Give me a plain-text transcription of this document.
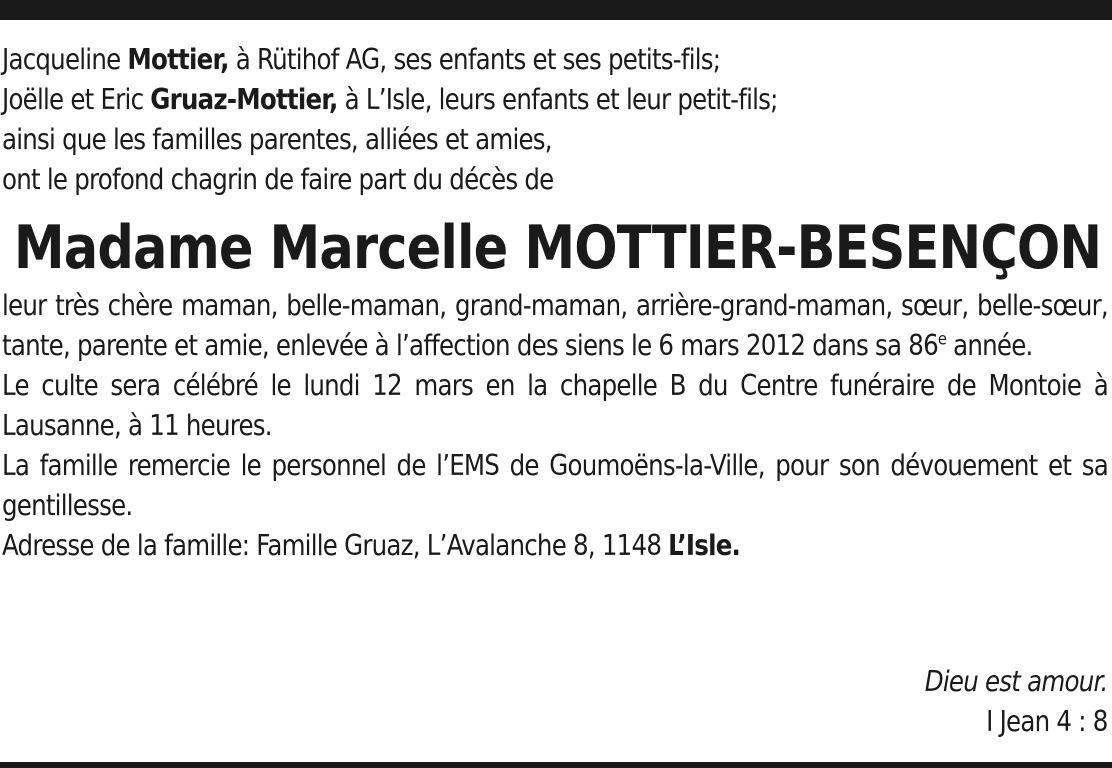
Jacqueline Mottier, à Rütihof AG, ses enfants et ses petits-fils;
Joëlle et Eric Gruaz-Mottier, à L’Isle, leurs enfants et leur petit-fils;
ainsi que les familles parentes, alliées et amies,
ont le profond chagrin de faire part du décès de
Madame Marcelle MOTTIER-BESENÇON

leur très chère maman, belle-maman, grand-maman, arrière-grand-maman, sœur, belle-sœur, tante, parente et amie, enlevée à l’affection des siens le 6 mars 2012 dans sa 86e année.

Le culte sera célébré le lundi 12 mars en la chapelle B du Centre funéraire de Montoie à Lausanne, à 11 heures.

La famille remercie le personnel de l’EMS de Goumoëns-la-Ville, pour son dévouement et sa gentillesse.

Adresse de la famille: Famille Gruaz, L’Avalanche 8, 1148 L’Isle.

Dieu est amour.
I Jean 4 : 8
